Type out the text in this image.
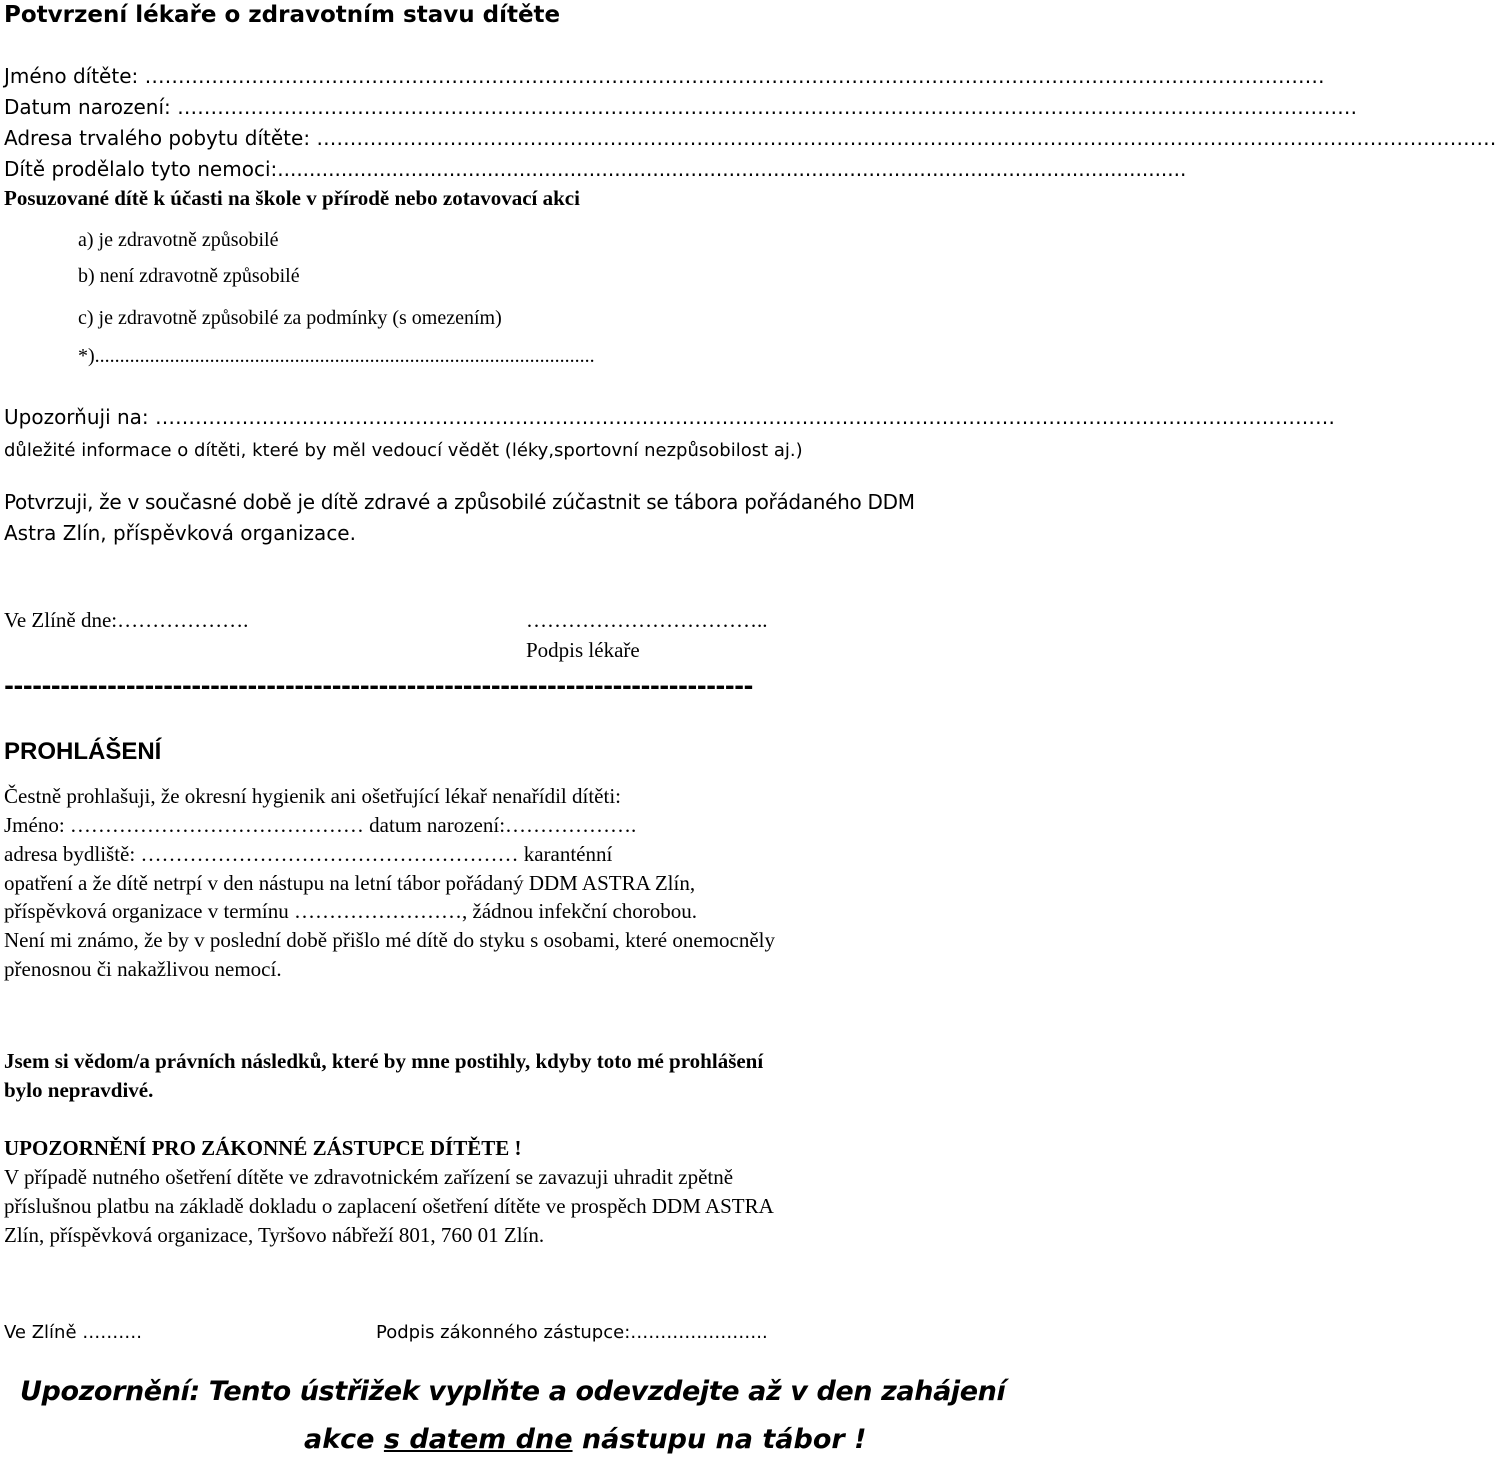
Potvrzení lékaře o zdravotním stavu dítěte
Jméno dítěte: ……………………………………………………………………………………………………………………………………………………………
Datum narození: ……………………………………………………………………………………………………………………………………………………………
Adresa trvalého pobytu dítěte: ……………………………………………………………………………………………………………………………………………………………
Dítě prodělalo tyto nemoci:...............................................................................................................................................
Posuzované dítě k účasti na škole v přírodě nebo zotavovací akci
a) je zdravotně způsobilé
b) není zdravotně způsobilé
c) je zdravotně způsobilé za podmínky (s omezením)
*)....................................................................................................
Upozorňuji na: ……………………………………………………………………………………………………………………………………………………………
důležité informace o dítěti, které by měl vedoucí vědět (léky,sportovní nezpůsobilost aj.)
Potvrzuji, že v současné době je dítě zdravé a způsobilé zúčastnit se tábora pořádaného DDM
Astra Zlín, příspěvková organizace.
Ve Zlíně dne:……………….	……………………………..
Podpis lékaře
--------------------------------------------------------------------------------
PROHLÁŠENÍ
Čestně prohlašuji, že okresní hygienik ani ošetřující lékař nenařídil dítěti:
Jméno: …………………………………… datum narození:……………….
adresa bydliště: ……………………………………………… karanténní
opatření a že dítě netrpí v den nástupu na letní tábor pořádaný DDM ASTRA Zlín,
příspěvková organizace v termínu ……………………, žádnou infekční chorobou.
Není mi známo, že by v poslední době přišlo mé dítě do styku s osobami, které onemocněly
přenosnou či nakažlivou nemocí.
Jsem si vědom/a právních následků, které by mne postihly, kdyby toto mé prohlášení
bylo nepravdivé.
UPOZORNĚNÍ PRO ZÁKONNÉ ZÁSTUPCE DÍTĚTE !
V případě nutného ošetření dítěte ve zdravotnickém zařízení se zavazuji uhradit zpětně
příslušnou platbu na základě dokladu o zaplacení ošetření dítěte ve prospěch DDM ASTRA
Zlín, příspěvková organizace, Tyršovo nábřeží 801, 760 01 Zlín.
Ve Zlíně ……….	Podpis zákonného zástupce:…………………..
Upozornění: Tento ústřižek vyplňte a odevzdejte až v den zahájení
akce s datem dne nástupu na tábor !
